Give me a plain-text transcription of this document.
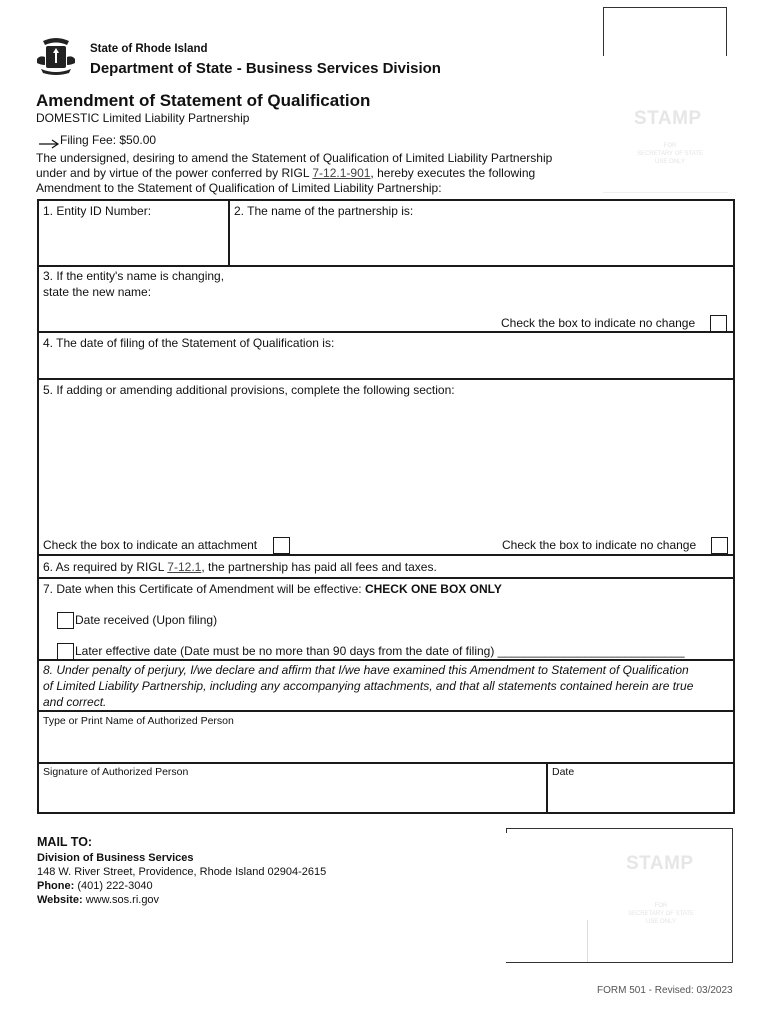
STAMP
FOR
SECRETARY OF STATE
USE ONLY
State of Rhode Island
Department of State - Business Services Division
Amendment of Statement of Qualification
DOMESTIC Limited Liability Partnership
Filing Fee: $50.00
The undersigned, desiring to amend the Statement of Qualification of Limited Liability Partnership
under and by virtue of the power conferred by RIGL 7-12.1-901, hereby executes the following
Amendment to the Statement of Qualification of Limited Liability Partnership:
1. Entity ID Number:	2. The name of the partnership is:
3. If the entity's name is changing,
state the new name:
Check the box to indicate no change
4. The date of filing of the Statement of Qualification is:
5. If adding or amending additional provisions, complete the following section:
Check the box to indicate an attachment	Check the box to indicate no change
6. As required by RIGL 7-12.1, the partnership has paid all fees and taxes.
7. Date when this Certificate of Amendment will be effective: CHECK ONE BOX ONLY
Date received (Upon filing)
Later effective date (Date must be no more than 90 days from the date of filing) ____________________________
8. Under penalty of perjury, I/we declare and affirm that I/we have examined this Amendment to Statement of Qualification
of Limited Liability Partnership, including any accompanying attachments, and that all statements contained herein are true
and correct.
Type or Print Name of Authorized Person
Signature of Authorized Person	Date
MAIL TO:
Division of Business Services
148 W. River Street, Providence, Rhode Island 02904-2615
Phone: (401) 222-3040
Website: www.sos.ri.gov
STAMP
FOR
SECRETARY OF STATE
USE ONLY
FORM 501 - Revised: 03/2023
